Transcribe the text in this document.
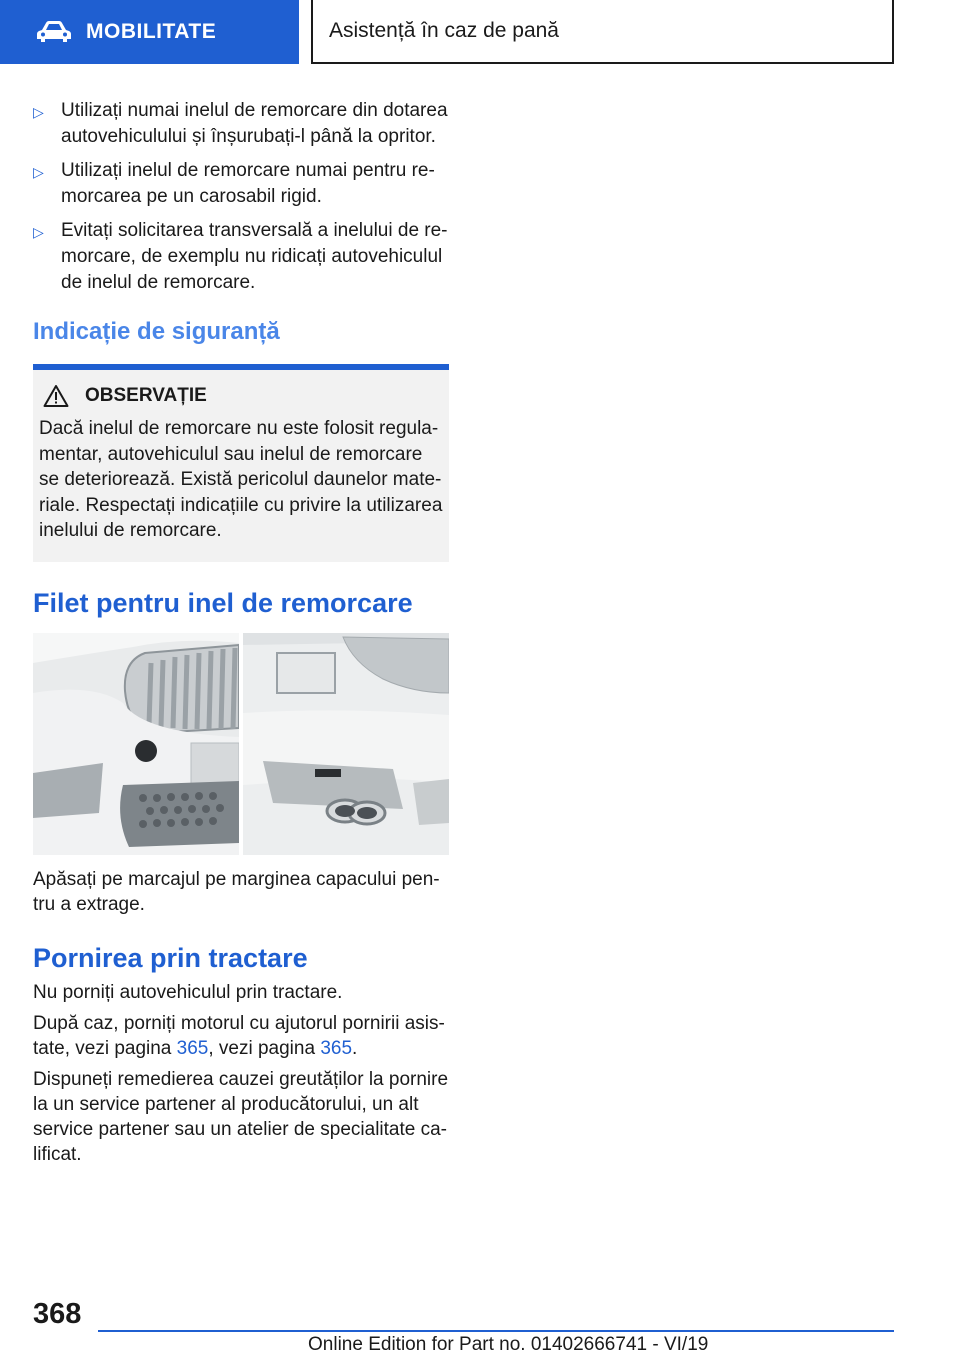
MOBILITATE	Asistență în caz de pană
▷ Utilizați numai inelul de remorcare din dotarea autovehiculului și înșurubați-l până la opritor.
▷ Utilizați inelul de remorcare numai pentru re-morcarea pe un carosabil rigid.
▷ Evitați solicitarea transversală a inelului de re-morcare, de exemplu nu ridicați autovehiculul de inelul de remorcare.
Indicație de siguranță
OBSERVAȚIE
Dacă inelul de remorcare nu este folosit regula-mentar, autovehiculul sau inelul de remorcare se deteriorează. Există pericolul daunelor mate-riale. Respectați indicațiile cu privire la utilizarea inelului de remorcare.
Filet pentru inel de remorcare
Apăsați pe marcajul pe marginea capacului pen-tru a extrage.
Pornirea prin tractare
Nu porniți autovehiculul prin tractare.
După caz, porniți motorul cu ajutorul pornirii asis-tate, vezi pagina 365, vezi pagina 365.
Dispuneți remedierea cauzei greutăților la pornire la un service partener al producătorului, un alt service partener sau un atelier de specialitate ca-lificat.
368
Online Edition for Part no. 01402666741 - VI/19
